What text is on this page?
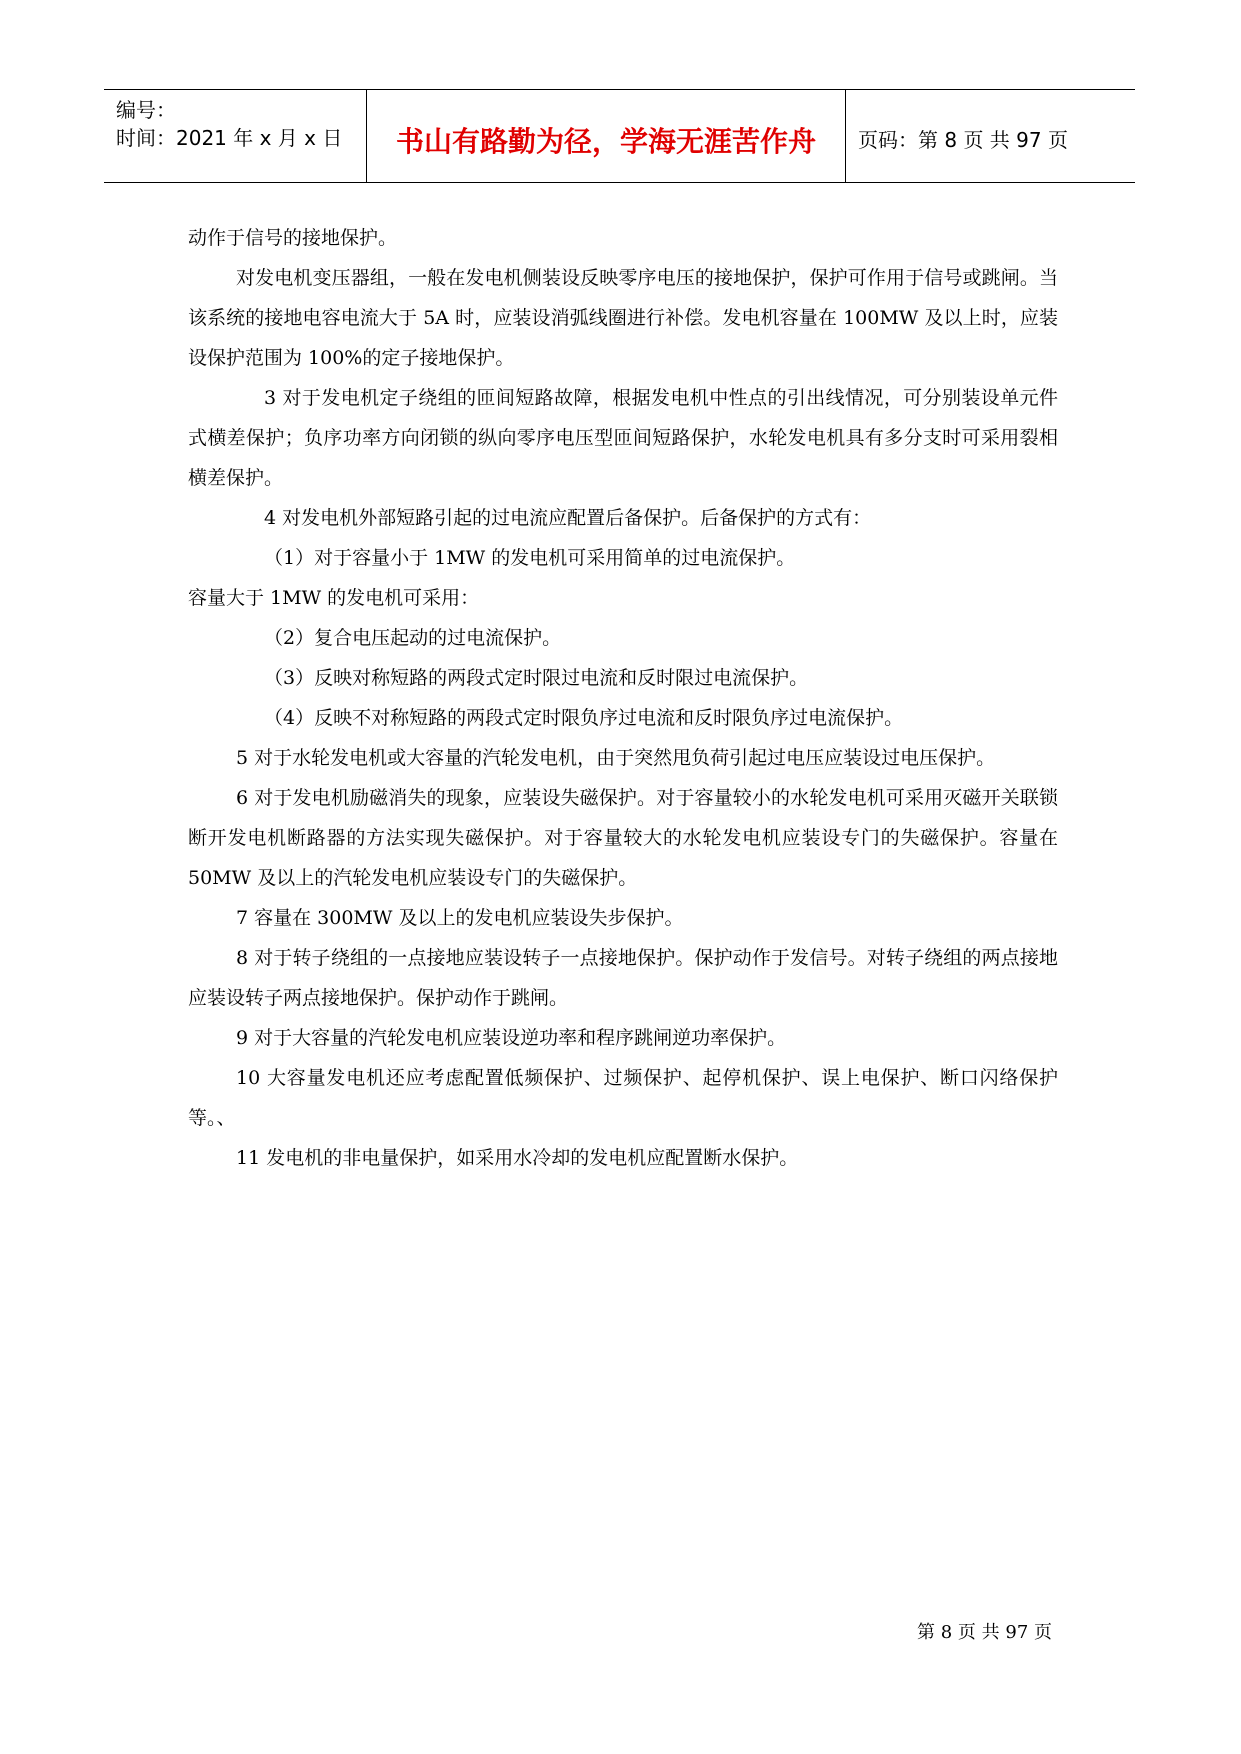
编号：
时间：2021 年 x 月 x 日	书山有路勤为径，学海无涯苦作舟	页码：第 8 页 共 97 页

动作于信号的接地保护。

对发电机变压器组，一般在发电机侧装设反映零序电压的接地保护，保护可作用于信号或跳闸。当该系统的接地电容电流大于 5A 时，应装设消弧线圈进行补偿。发电机容量在 100MW 及以上时，应装设保护范围为 100%的定子接地保护。

3 对于发电机定子绕组的匝间短路故障，根据发电机中性点的引出线情况，可分别装设单元件式横差保护；负序功率方向闭锁的纵向零序电压型匝间短路保护，水轮发电机具有多分支时可采用裂相横差保护。

4 对发电机外部短路引起的过电流应配置后备保护。后备保护的方式有：

（1）对于容量小于 1MW 的发电机可采用简单的过电流保护。

容量大于 1MW 的发电机可采用：

（2）复合电压起动的过电流保护。

（3）反映对称短路的两段式定时限过电流和反时限过电流保护。

（4）反映不对称短路的两段式定时限负序过电流和反时限负序过电流保护。

5 对于水轮发电机或大容量的汽轮发电机，由于突然甩负荷引起过电压应装设过电压保护。

6 对于发电机励磁消失的现象，应装设失磁保护。对于容量较小的水轮发电机可采用灭磁开关联锁断开发电机断路器的方法实现失磁保护。对于容量较大的水轮发电机应装设专门的失磁保护。容量在 50MW 及以上的汽轮发电机应装设专门的失磁保护。

7 容量在 300MW 及以上的发电机应装设失步保护。

8 对于转子绕组的一点接地应装设转子一点接地保护。保护动作于发信号。对转子绕组的两点接地应装设转子两点接地保护。保护动作于跳闸。

9 对于大容量的汽轮发电机应装设逆功率和程序跳闸逆功率保护。

10 大容量发电机还应考虑配置低频保护、过频保护、起停机保护、误上电保护、断口闪络保护等。、

11 发电机的非电量保护，如采用水冷却的发电机应配置断水保护。

第 8 页 共 97 页
